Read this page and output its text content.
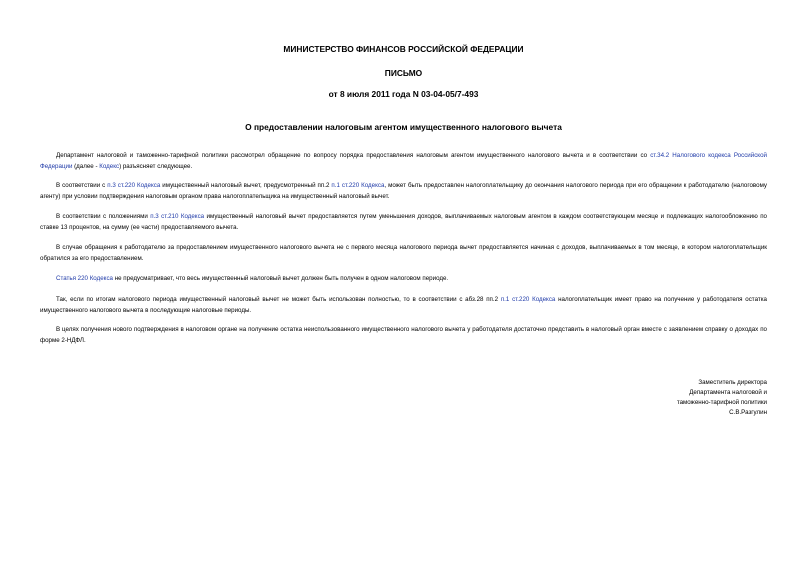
МИНИСТЕРСТВО ФИНАНСОВ РОССИЙСКОЙ ФЕДЕРАЦИИ
ПИСЬМО
от 8 июля 2011 года N 03-04-05/7-493
О предоставлении налоговым агентом имущественного налогового вычета

Департамент налоговой и таможенно-тарифной политики рассмотрел обращение по вопросу порядка предоставления налоговым агентом имущественного налогового вычета и в соответствии со ст.34.2 Налогового кодекса Российской Федерации (далее - Кодекс) разъясняет следующее.

В соответствии с п.3 ст.220 Кодекса имущественный налоговый вычет, предусмотренный пп.2 п.1 ст.220 Кодекса, может быть предоставлен налогоплательщику до окончания налогового периода при его обращении к работодателю (налоговому агенту) при условии подтверждения налоговым органом права налогоплательщика на имущественный налоговый вычет.

В соответствии с положениями п.3 ст.210 Кодекса имущественный налоговый вычет предоставляется путем уменьшения доходов, выплачиваемых налоговым агентом в каждом соответствующем месяце и подлежащих налогообложению по ставке 13 процентов, на сумму (ее части) предоставляемого вычета.

В случае обращения к работодателю за предоставлением имущественного налогового вычета не с первого месяца налогового периода вычет предоставляется начиная с доходов, выплачиваемых в том месяце, в котором налогоплательщик обратился за его предоставлением.

Статья 220 Кодекса не предусматривает, что весь имущественный налоговый вычет должен быть получен в одном налоговом периоде.

Так, если по итогам налогового периода имущественный налоговый вычет не может быть использован полностью, то в соответствии с абз.28 пп.2 п.1 ст.220 Кодекса налогоплательщик имеет право на получение у работодателя остатка имущественного налогового вычета в последующие налоговые периоды.

В целях получения нового подтверждения в налоговом органе на получение остатка неиспользованного имущественного налогового вычета у работодателя достаточно представить в налоговый орган вместе с заявлением справку о доходах по форме 2-НДФЛ.

Заместитель директора
Департамента налоговой и
таможенно-тарифной политики
С.В.Разгулин
